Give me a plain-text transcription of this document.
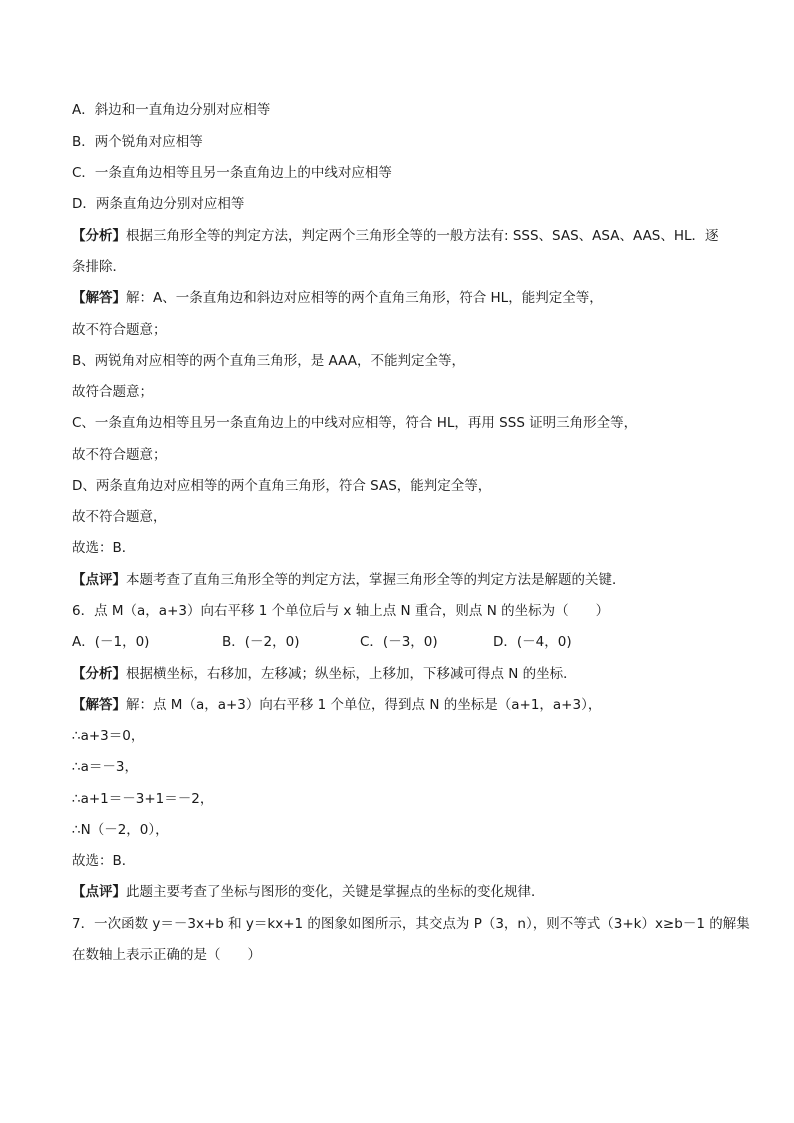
A．斜边和一直角边分别对应相等
B．两个锐角对应相等
C．一条直角边相等且另一条直角边上的中线对应相等
D．两条直角边分别对应相等
【分析】根据三角形全等的判定方法，判定两个三角形全等的一般方法有: SSS、SAS、ASA、AAS、HL．逐
条排除．
【解答】解：A、一条直角边和斜边对应相等的两个直角三角形，符合 HL，能判定全等，
故不符合题意；
B、两锐角对应相等的两个直角三角形，是 AAA，不能判定全等，
故符合题意；
C、一条直角边相等且另一条直角边上的中线对应相等，符合 HL，再用 SSS 证明三角形全等，
故不符合题意；
D、两条直角边对应相等的两个直角三角形，符合 SAS，能判定全等，
故不符合题意，
故选：B．
【点评】本题考查了直角三角形全等的判定方法，掌握三角形全等的判定方法是解题的关键．
6．点 M（a，a+3）向右平移 1 个单位后与 x 轴上点 N 重合，则点 N 的坐标为（　　）
A．(－1，0)	B．(－2，0)	C．(－3，0)	D．(－4，0)
【分析】根据横坐标，右移加，左移减；纵坐标，上移加，下移减可得点 N 的坐标．
【解答】解：点 M（a，a+3）向右平移 1 个单位，得到点 N 的坐标是（a+1，a+3），
∴a+3＝0，
∴a＝－3，
∴a+1＝－3+1＝－2，
∴N（－2，0），
故选：B．
【点评】此题主要考查了坐标与图形的变化，关键是掌握点的坐标的变化规律．
7．一次函数 y＝－3x+b 和 y＝kx+1 的图象如图所示，其交点为 P（3，n），则不等式（3+k）x≥b－1 的解集
在数轴上表示正确的是（　　）
